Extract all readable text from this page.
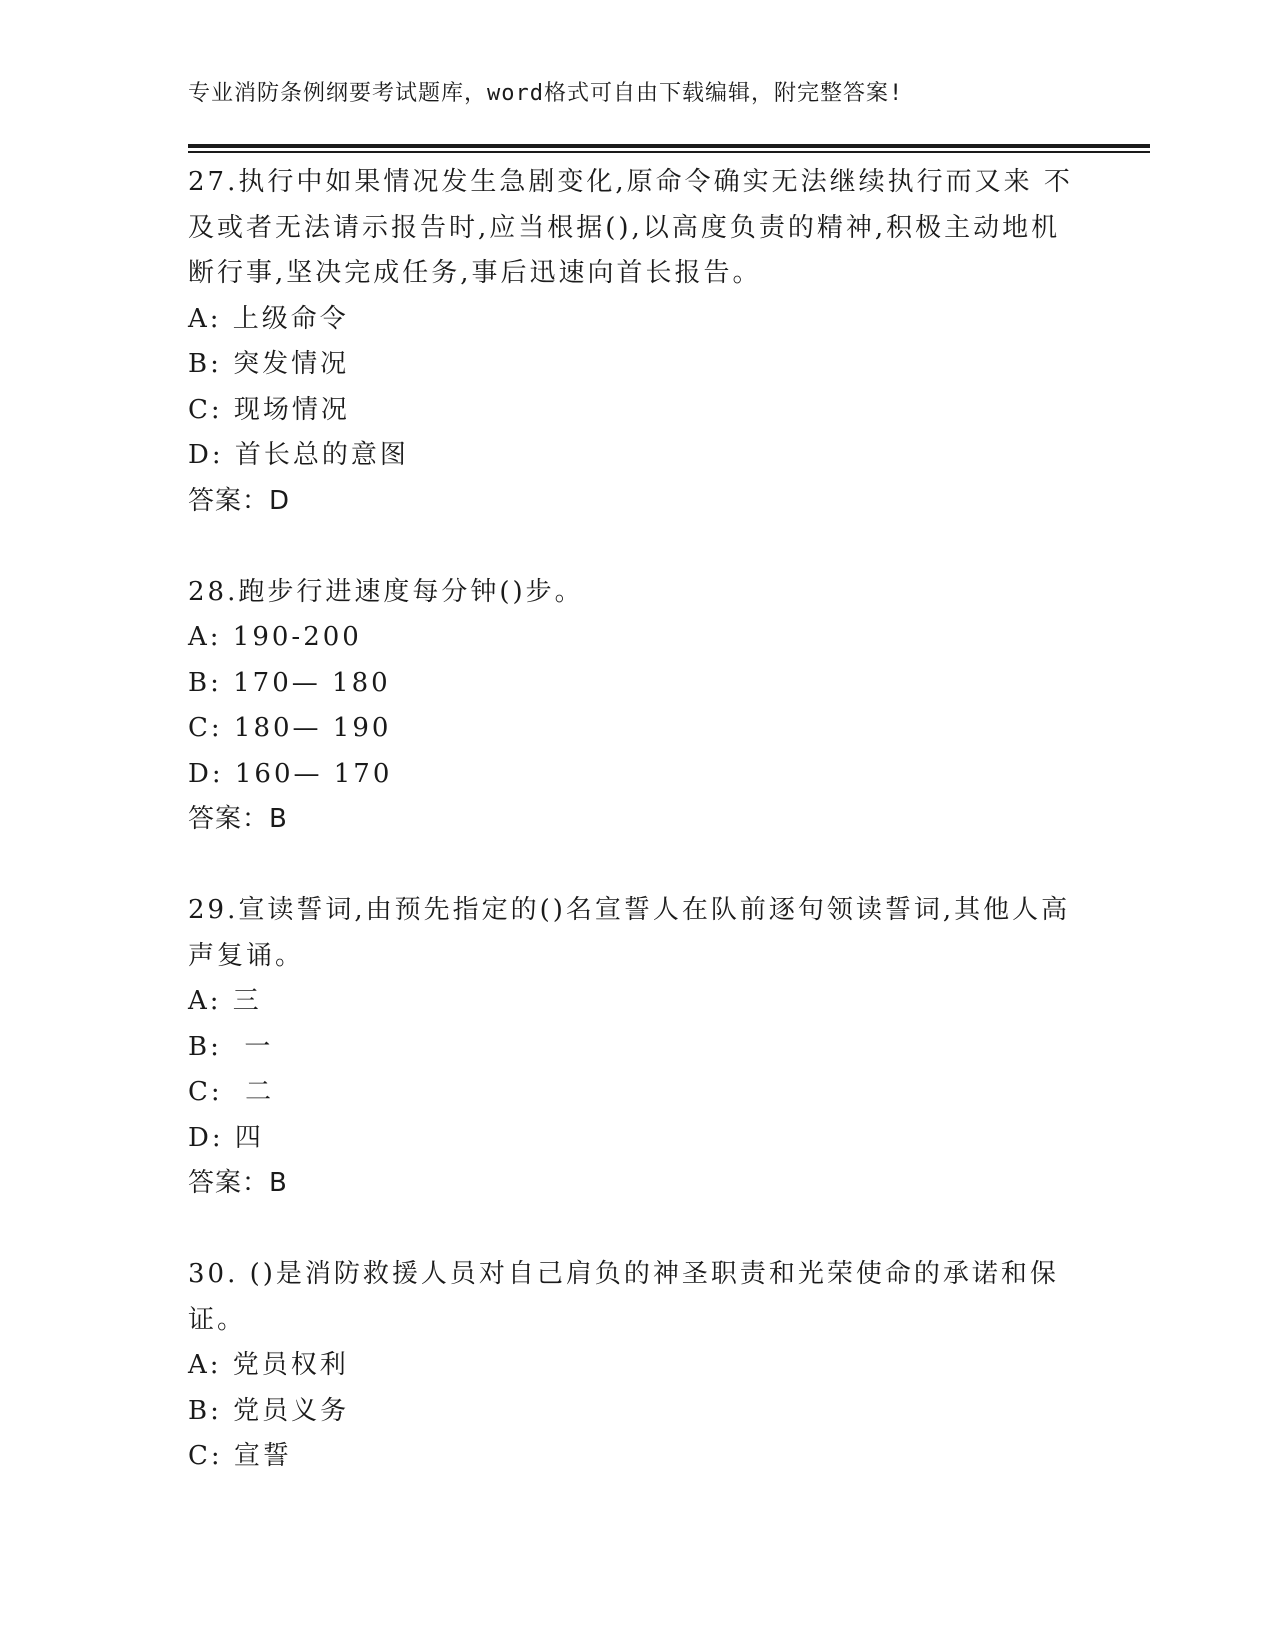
专业消防条例纲要考试题库，word格式可自由下载编辑，附完整答案!

27.执行中如果情况发生急剧变化,原命令确实无法继续执行而又来 不及或者无法请示报告时,应当根据(),以高度负责的精神,积极主动地机断行事,坚决完成任务,事后迅速向首长报告。

A: 上级命令

B: 突发情况

C: 现场情况

D: 首长总的意图

答案：D

28.跑步行进速度每分钟()步。

A: 190-200

B: 170— 180

C: 180— 190

D: 160— 170

答案：B

29.宣读誓词,由预先指定的()名宣誓人在队前逐句领读誓词,其他人高声复诵。

A: 三

B:  一

C:  二

D: 四

答案：B

30. ()是消防救援人员对自己肩负的神圣职责和光荣使命的承诺和保证。

A: 党员权利

B: 党员义务

C: 宣誓
